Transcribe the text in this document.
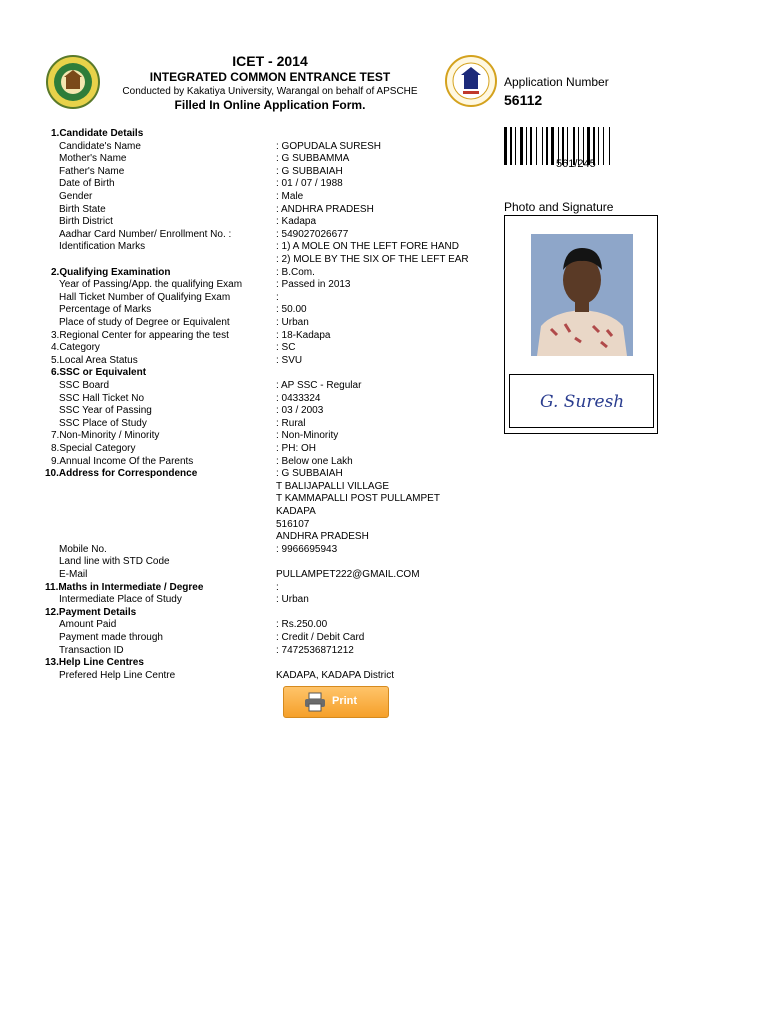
ICET - 2014
INTEGRATED COMMON ENTRANCE TEST
Conducted by Kakatiya University, Warangal on behalf of APSCHE
Filled In Online Application Form.
Application Number
56112
561/245
Photo and Signature
G. Suresh
1.Candidate Details
Candidate's Name	: GOPUDALA SURESH
Mother's Name	: G SUBBAMMA
Father's Name	: G SUBBAIAH
Date of Birth	: 01 / 07 / 1988
Gender	: Male
Birth State	: ANDHRA PRADESH
Birth District	: Kadapa
Aadhar Card Number/ Enrollment No. :	: 549027026677
Identification Marks	: 1) A MOLE ON THE LEFT FORE HAND
: 2) MOLE BY THE SIX OF THE LEFT EAR
2.Qualifying Examination	: B.Com.
Year of Passing/App. the qualifying Exam	: Passed in 2013
Hall Ticket Number of Qualifying Exam	:
Percentage of Marks	: 50.00
Place of study of Degree or Equivalent	: Urban
3.Regional Center for appearing the test	: 18-Kadapa
4.Category	: SC
5.Local Area Status	: SVU
6.SSC or Equivalent
SSC Board	: AP SSC - Regular
SSC Hall Ticket No	: 0433324
SSC Year of Passing	: 03 / 2003
SSC Place of Study	: Rural
7.Non-Minority / Minority	: Non-Minority
8.Special Category	: PH: OH
9.Annual Income Of the Parents	: Below one Lakh
10.Address for Correspondence	: G SUBBAIAH
T BALIJAPALLI VILLAGE
T KAMMAPALLI POST PULLAMPET
KADAPA
516107
ANDHRA PRADESH
Mobile No.	: 9966695943
Land line with STD Code
E-Mail	PULLAMPET222@GMAIL.COM
11.Maths in Intermediate / Degree	:
Intermediate Place of Study	: Urban
12.Payment Details
Amount Paid	: Rs.250.00
Payment made through	: Credit / Debit Card
Transaction ID	: 7472536871212
13.Help Line Centres
Prefered Help Line Centre	KADAPA, KADAPA District
Print
